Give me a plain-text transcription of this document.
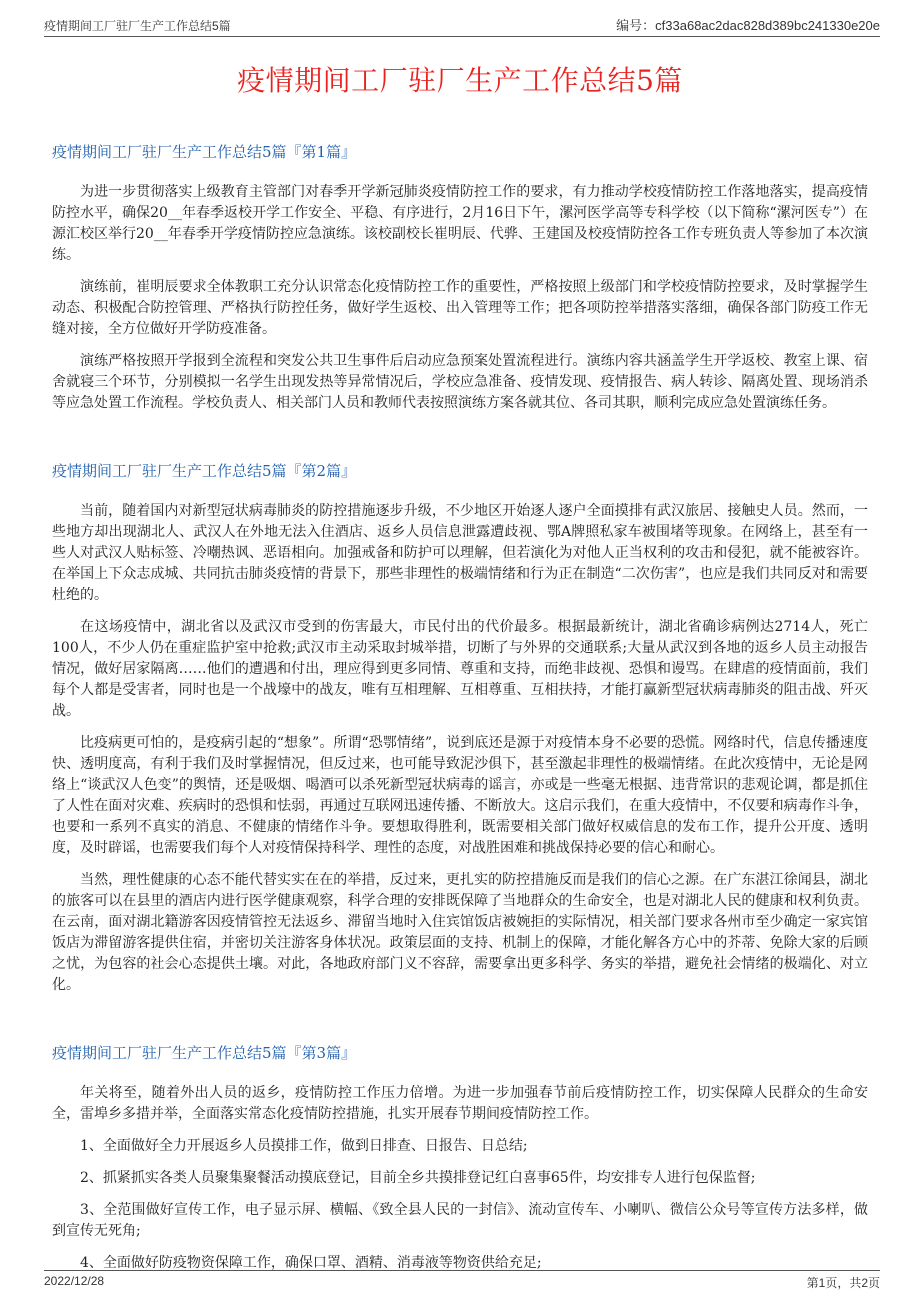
疫情期间工厂驻厂生产工作总结5篇	编号：cf33a68ac2dac828d389bc241330e20e
疫情期间工厂驻厂生产工作总结5篇
疫情期间工厂驻厂生产工作总结5篇『第1篇』

为进一步贯彻落实上级教育主管部门对春季开学新冠肺炎疫情防控工作的要求，有力推动学校疫情防控工作落地落实，提高疫情防控水平，确保20__年春季返校开学工作安全、平稳、有序进行，2月16日下午，漯河医学高等专科学校（以下简称“漯河医专”）在源汇校区举行20__年春季开学疫情防控应急演练。该校副校长崔明辰、代骅、王建国及校疫情防控各工作专班负责人等参加了本次演练。

演练前，崔明辰要求全体教职工充分认识常态化疫情防控工作的重要性，严格按照上级部门和学校疫情防控要求，及时掌握学生动态、积极配合防控管理、严格执行防控任务，做好学生返校、出入管理等工作；把各项防控举措落实落细，确保各部门防疫工作无缝对接，全方位做好开学防疫准备。

演练严格按照开学报到全流程和突发公共卫生事件后启动应急预案处置流程进行。演练内容共涵盖学生开学返校、教室上课、宿舍就寝三个环节，分别模拟一名学生出现发热等异常情况后，学校应急准备、疫情发现、疫情报告、病人转诊、隔离处置、现场消杀等应急处置工作流程。学校负责人、相关部门人员和教师代表按照演练方案各就其位、各司其职，顺利完成应急处置演练任务。

疫情期间工厂驻厂生产工作总结5篇『第2篇』

当前，随着国内对新型冠状病毒肺炎的防控措施逐步升级，不少地区开始逐人逐户全面摸排有武汉旅居、接触史人员。然而，一些地方却出现湖北人、武汉人在外地无法入住酒店、返乡人员信息泄露遭歧视、鄂A牌照私家车被围堵等现象。在网络上，甚至有一些人对武汉人贴标签、冷嘲热讽、恶语相向。加强戒备和防护可以理解，但若演化为对他人正当权利的攻击和侵犯，就不能被容许。在举国上下众志成城、共同抗击肺炎疫情的背景下，那些非理性的极端情绪和行为正在制造“二次伤害”，也应是我们共同反对和需要杜绝的。

在这场疫情中，湖北省以及武汉市受到的伤害最大，市民付出的代价最多。根据最新统计，湖北省确诊病例达2714人，死亡100人，不少人仍在重症监护室中抢救;武汉市主动采取封城举措，切断了与外界的交通联系;大量从武汉到各地的返乡人员主动报告情况，做好居家隔离……他们的遭遇和付出，理应得到更多同情、尊重和支持，而绝非歧视、恐惧和谩骂。在肆虐的疫情面前，我们每个人都是受害者，同时也是一个战壕中的战友，唯有互相理解、互相尊重、互相扶持，才能打赢新型冠状病毒肺炎的阻击战、歼灭战。

比疫病更可怕的，是疫病引起的“想象”。所谓“恐鄂情绪”，说到底还是源于对疫情本身不必要的恐慌。网络时代，信息传播速度快、透明度高，有利于我们及时掌握情况，但反过来，也可能导致泥沙俱下，甚至激起非理性的极端情绪。在此次疫情中，无论是网络上“谈武汉人色变”的舆情，还是吸烟、喝酒可以杀死新型冠状病毒的谣言，亦或是一些毫无根据、违背常识的悲观论调，都是抓住了人性在面对灾难、疾病时的恐惧和怯弱，再通过互联网迅速传播、不断放大。这启示我们，在重大疫情中，不仅要和病毒作斗争，也要和一系列不真实的消息、不健康的情绪作斗争。要想取得胜利，既需要相关部门做好权威信息的发布工作，提升公开度、透明度，及时辟谣，也需要我们每个人对疫情保持科学、理性的态度，对战胜困难和挑战保持必要的信心和耐心。

当然，理性健康的心态不能代替实实在在的举措，反过来，更扎实的防控措施反而是我们的信心之源。在广东湛江徐闻县，湖北的旅客可以在县里的酒店内进行医学健康观察，科学合理的安排既保障了当地群众的生命安全，也是对湖北人民的健康和权利负责。在云南，面对湖北籍游客因疫情管控无法返乡、滞留当地时入住宾馆饭店被婉拒的实际情况，相关部门要求各州市至少确定一家宾馆饭店为滞留游客提供住宿，并密切关注游客身体状况。政策层面的支持、机制上的保障，才能化解各方心中的芥蒂、免除大家的后顾之忧，为包容的社会心态提供土壤。对此，各地政府部门义不容辞，需要拿出更多科学、务实的举措，避免社会情绪的极端化、对立化。

疫情期间工厂驻厂生产工作总结5篇『第3篇』

年关将至，随着外出人员的返乡，疫情防控工作压力倍增。为进一步加强春节前后疫情防控工作，切实保障人民群众的生命安全，雷埠乡多措并举，全面落实常态化疫情防控措施，扎实开展春节期间疫情防控工作。

1、全面做好全力开展返乡人员摸排工作，做到日排查、日报告、日总结;

2、抓紧抓实各类人员聚集聚餐活动摸底登记，目前全乡共摸排登记红白喜事65件，均安排专人进行包保监督;

3、全范围做好宣传工作，电子显示屏、横幅、《致全县人民的一封信》、流动宣传车、小喇叭、微信公众号等宣传方法多样，做到宣传无死角;

4、全面做好防疫物资保障工作，确保口罩、酒精、消毒液等物资供给充足;

2022/12/28	第1页，共2页
